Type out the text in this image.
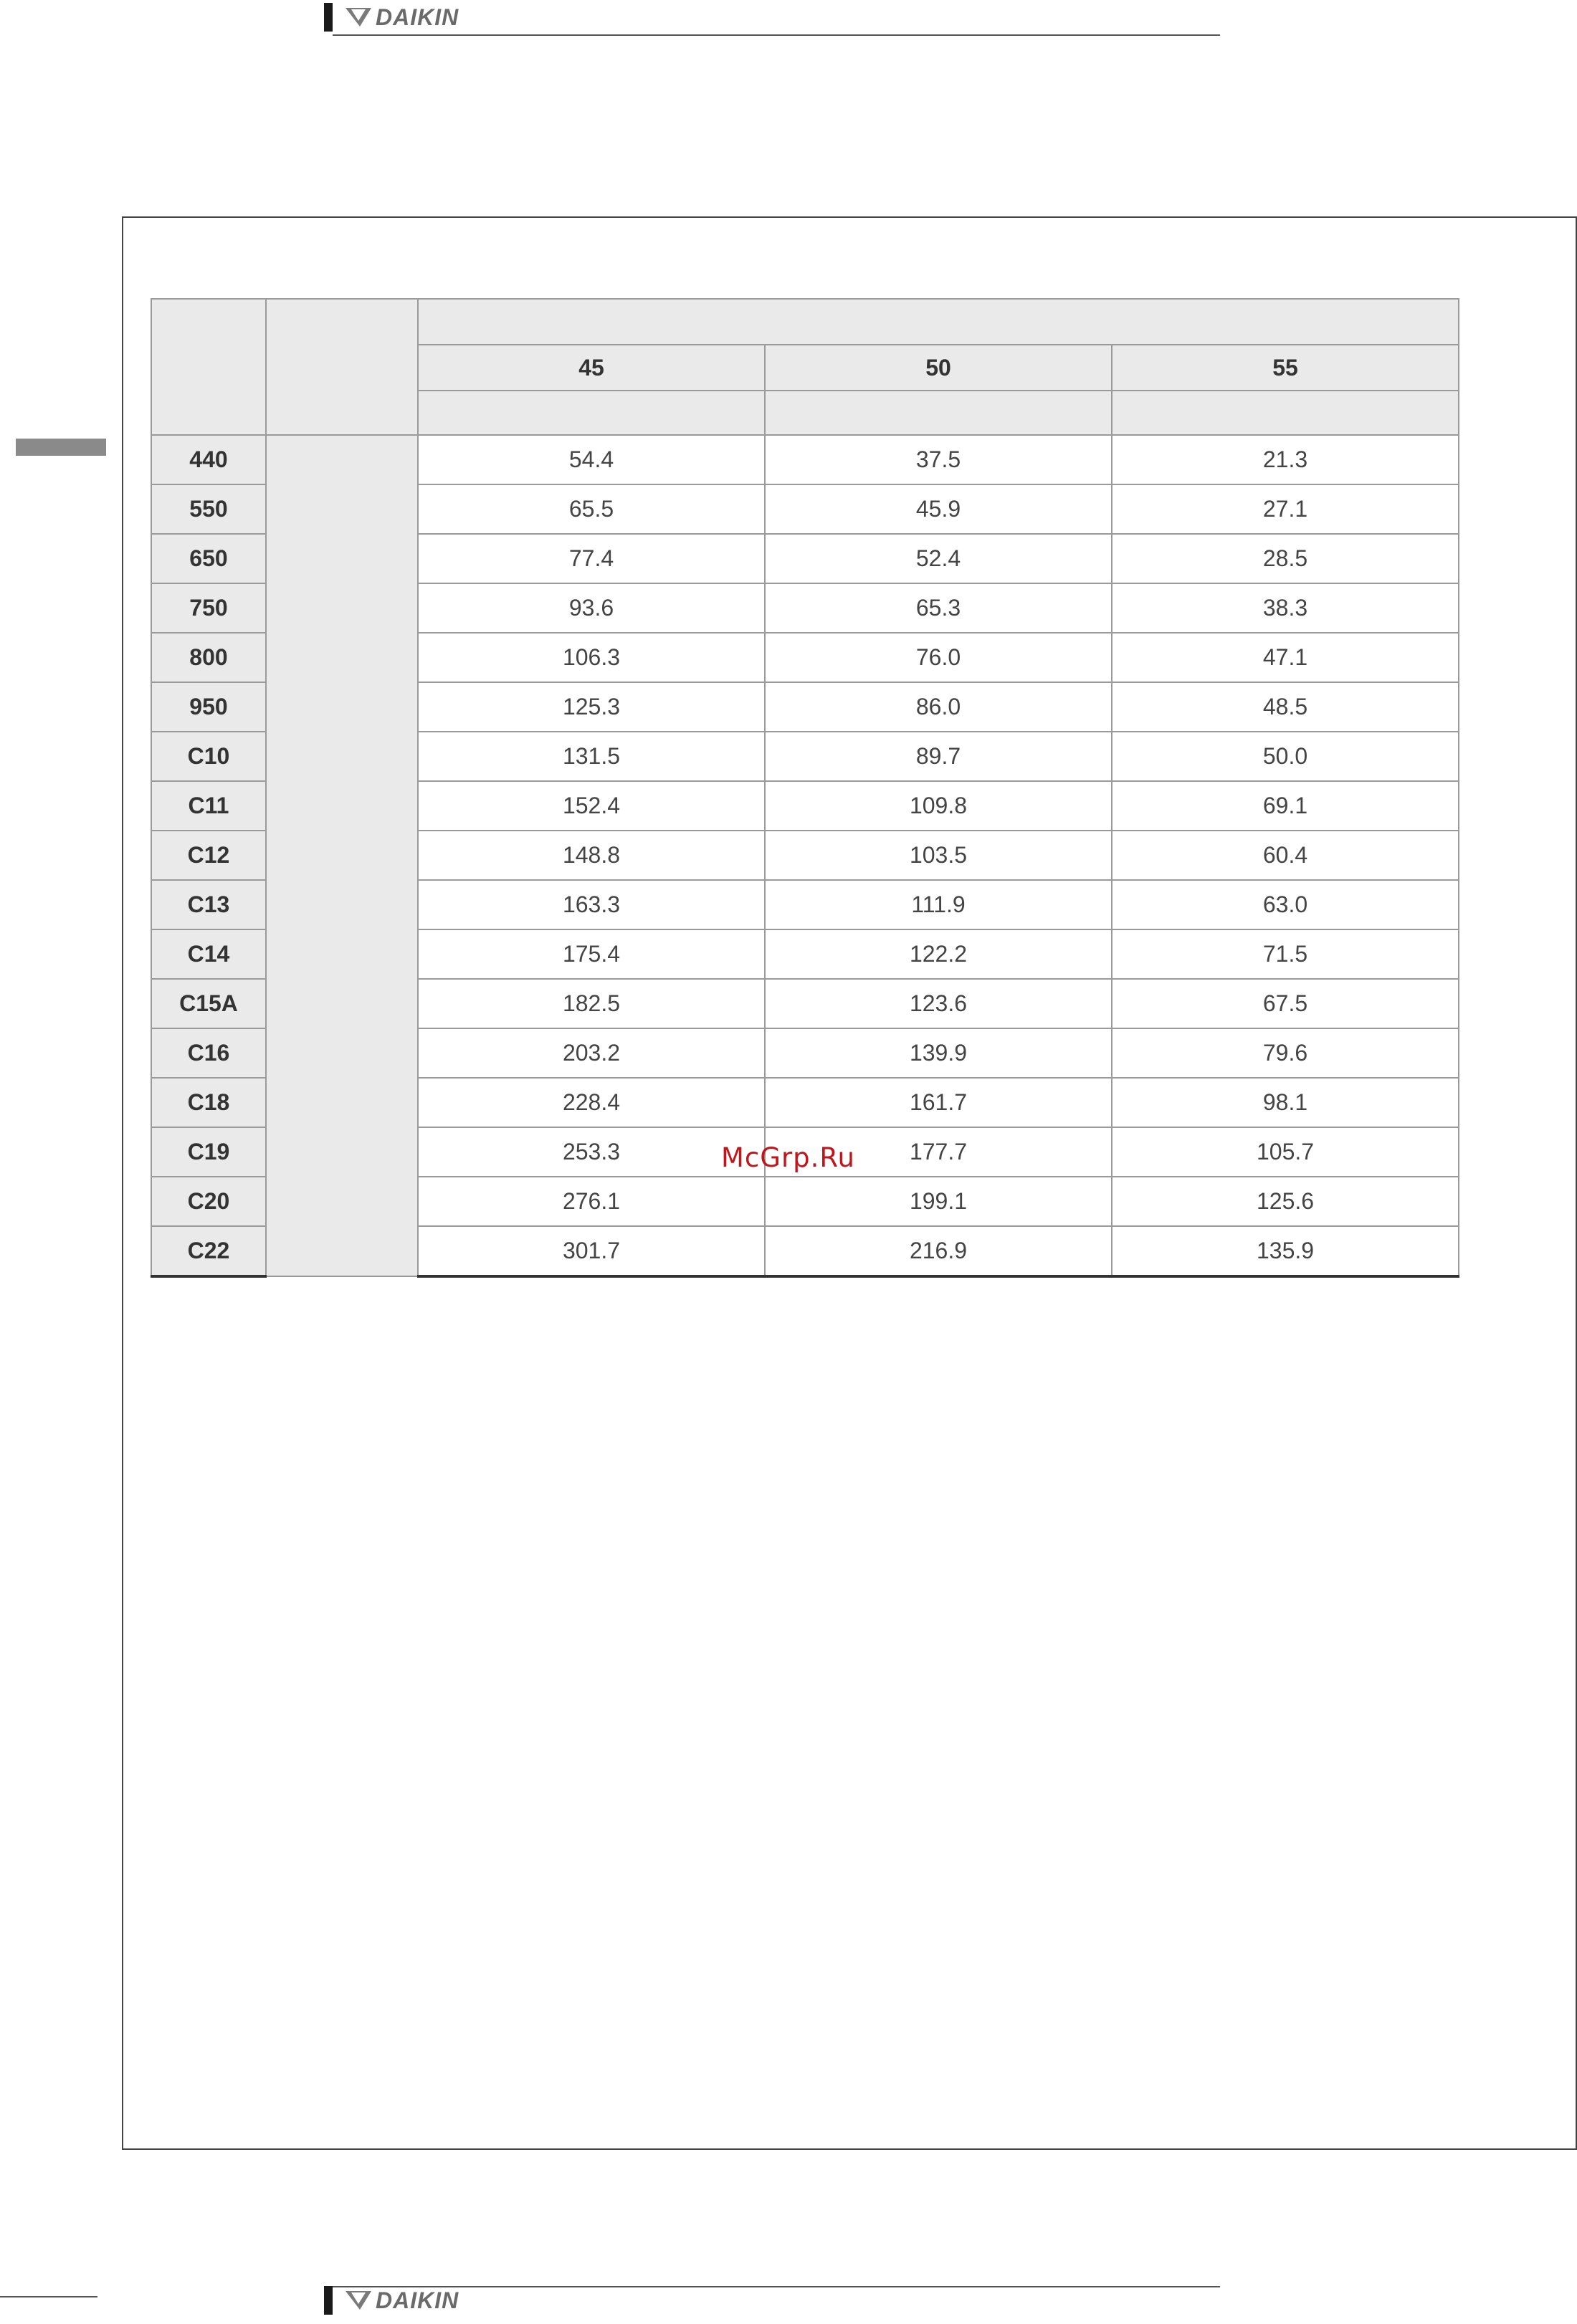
DAIKIN

		45	50	55

440		54.4	37.5	21.3
550		65.5	45.9	27.1
650		77.4	52.4	28.5
750		93.6	65.3	38.3
800		106.3	76.0	47.1
950		125.3	86.0	48.5
C10		131.5	89.7	50.0
C11		152.4	109.8	69.1
C12		148.8	103.5	60.4
C13		163.3	111.9	63.0
C14		175.4	122.2	71.5
C15A		182.5	123.6	67.5
C16		203.2	139.9	79.6
C18		228.4	161.7	98.1
C19		253.3	177.7	105.7
C20		276.1	199.1	125.6
C22		301.7	216.9	135.9
McGrp.Ru
DAIKIN
